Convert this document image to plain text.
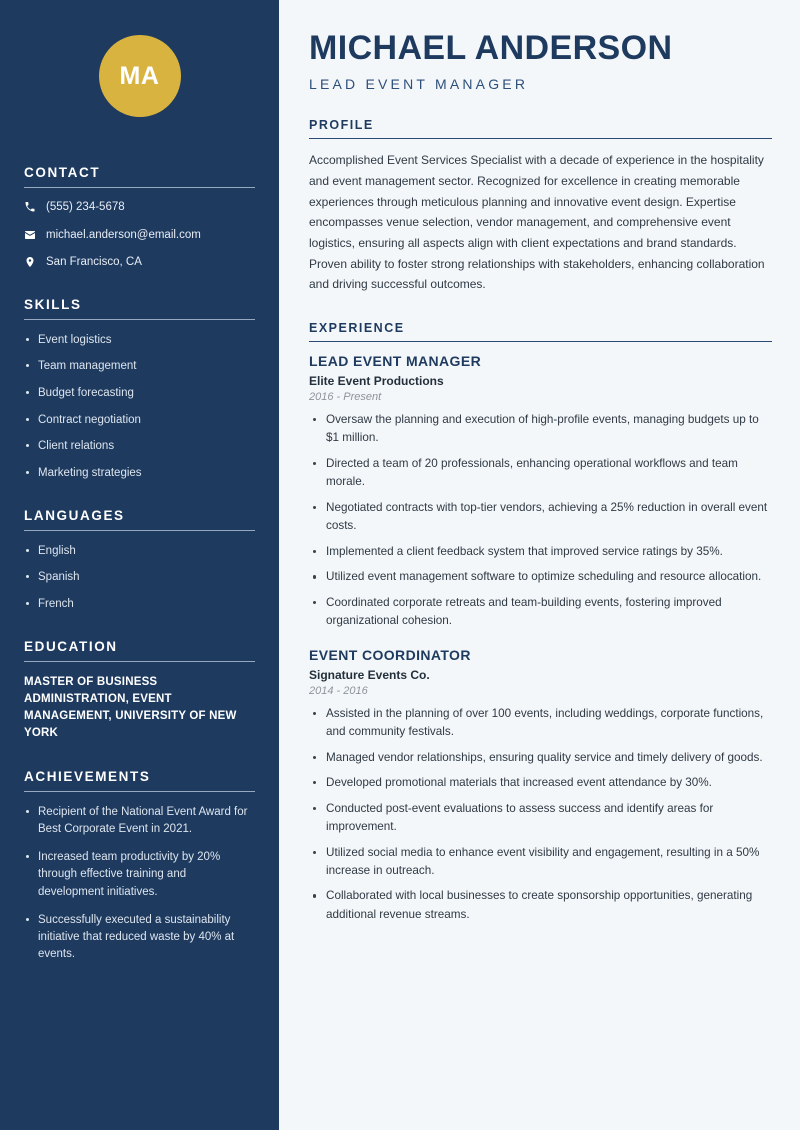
MA
CONTACT
(555) 234-5678
michael.anderson@email.com
San Francisco, CA
SKILLS
Event logistics
Team management
Budget forecasting
Contract negotiation
Client relations
Marketing strategies
LANGUAGES
English
Spanish
French
EDUCATION
MASTER OF BUSINESS ADMINISTRATION, EVENT MANAGEMENT, UNIVERSITY OF NEW YORK
ACHIEVEMENTS
Recipient of the National Event Award for Best Corporate Event in 2021.
Increased team productivity by 20% through effective training and development initiatives.
Successfully executed a sustainability initiative that reduced waste by 40% at events.
MICHAEL ANDERSON
LEAD EVENT MANAGER
PROFILE

Accomplished Event Services Specialist with a decade of experience in the hospitality and event management sector. Recognized for excellence in creating memorable experiences through meticulous planning and innovative event design. Expertise encompasses venue selection, vendor management, and comprehensive event logistics, ensuring all aspects align with client expectations and brand standards. Proven ability to foster strong relationships with stakeholders, enhancing collaboration and driving successful outcomes.

EXPERIENCE
LEAD EVENT MANAGER
Elite Event Productions
2016 - Present
Oversaw the planning and execution of high-profile events, managing budgets up to $1 million.
Directed a team of 20 professionals, enhancing operational workflows and team morale.
Negotiated contracts with top-tier vendors, achieving a 25% reduction in overall event costs.
Implemented a client feedback system that improved service ratings by 35%.
Utilized event management software to optimize scheduling and resource allocation.
Coordinated corporate retreats and team-building events, fostering improved organizational cohesion.
EVENT COORDINATOR
Signature Events Co.
2014 - 2016
Assisted in the planning of over 100 events, including weddings, corporate functions, and community festivals.
Managed vendor relationships, ensuring quality service and timely delivery of goods.
Developed promotional materials that increased event attendance by 30%.
Conducted post-event evaluations to assess success and identify areas for improvement.
Utilized social media to enhance event visibility and engagement, resulting in a 50% increase in outreach.
Collaborated with local businesses to create sponsorship opportunities, generating additional revenue streams.
